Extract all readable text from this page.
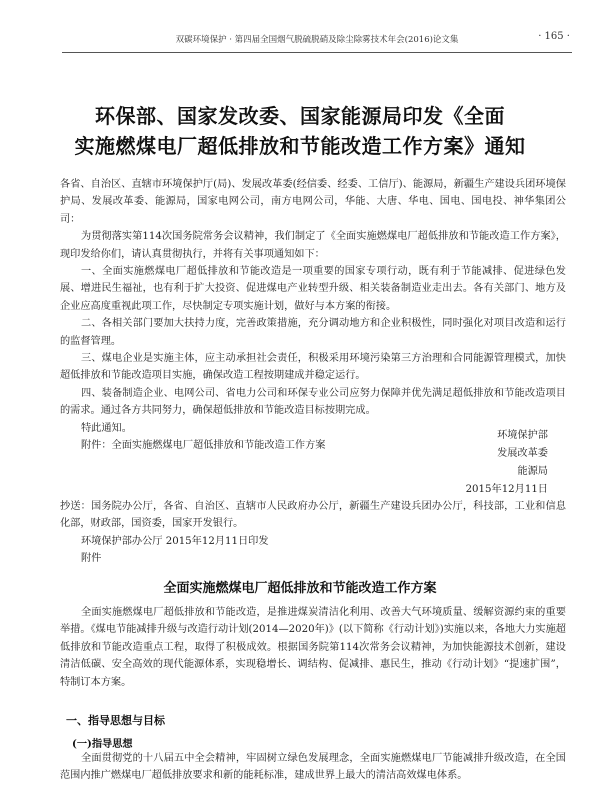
双碳环境保护 · 第四届全国烟气脱硫脱硝及除尘除雾技术年会(2016)论文集	· 165 ·
环保部、国家发改委、国家能源局印发《全面
实施燃煤电厂超低排放和节能改造工作方案》通知

各省、自治区、直辖市环境保护厅(局)、发展改革委(经信委、经委、工信厅)、能源局，新疆生产建设兵团环境保护局、发展改革委、能源局，国家电网公司，南方电网公司，华能、大唐、华电、国电、国电投、神华集团公司：

为贯彻落实第114次国务院常务会议精神，我们制定了《全面实施燃煤电厂超低排放和节能改造工作方案》，现印发给你们，请认真贯彻执行，并将有关事项通知如下：

一、全面实施燃煤电厂超低排放和节能改造是一项重要的国家专项行动，既有利于节能减排、促进绿色发展、增进民生福祉，也有利于扩大投资、促进煤电产业转型升级、相关装备制造业走出去。各有关部门、地方及企业应高度重视此项工作，尽快制定专项实施计划，做好与本方案的衔接。

二、各相关部门要加大扶持力度，完善政策措施，充分调动地方和企业积极性，同时强化对项目改造和运行的监督管理。

三、煤电企业是实施主体，应主动承担社会责任，积极采用环境污染第三方治理和合同能源管理模式，加快超低排放和节能改造项目实施，确保改造工程按期建成并稳定运行。

四、装备制造企业、电网公司、省电力公司和环保专业公司应努力保障并优先满足超低排放和节能改造项目的需求。通过各方共同努力，确保超低排放和节能改造目标按期完成。

特此通知。

附件：全面实施燃煤电厂超低排放和节能改造工作方案

环境保护部
发展改革委
能源局
2015年12月11日

抄送：国务院办公厅，各省、自治区、直辖市人民政府办公厅，新疆生产建设兵团办公厅，科技部，工业和信息化部，财政部，国资委，国家开发银行。

环境保护部办公厅 2015年12月11日印发

附件

全面实施燃煤电厂超低排放和节能改造工作方案

全面实施燃煤电厂超低排放和节能改造，是推进煤炭清洁化利用、改善大气环境质量、缓解资源约束的重要举措。《煤电节能减排升级与改造行动计划(2014—2020年)》(以下简称《行动计划》)实施以来，各地大力实施超低排放和节能改造重点工程，取得了积极成效。根据国务院第114次常务会议精神，为加快能源技术创新，建设清洁低碳、安全高效的现代能源体系，实现稳增长、调结构、促减排、惠民生，推动《行动计划》“提速扩围”，特制订本方案。

一、指导思想与目标
(一)指导思想

全面贯彻党的十八届五中全会精神，牢固树立绿色发展理念，全面实施燃煤电厂节能减排升级改造，在全国范围内推广燃煤电厂超低排放要求和新的能耗标准，建成世界上最大的清洁高效煤电体系。
